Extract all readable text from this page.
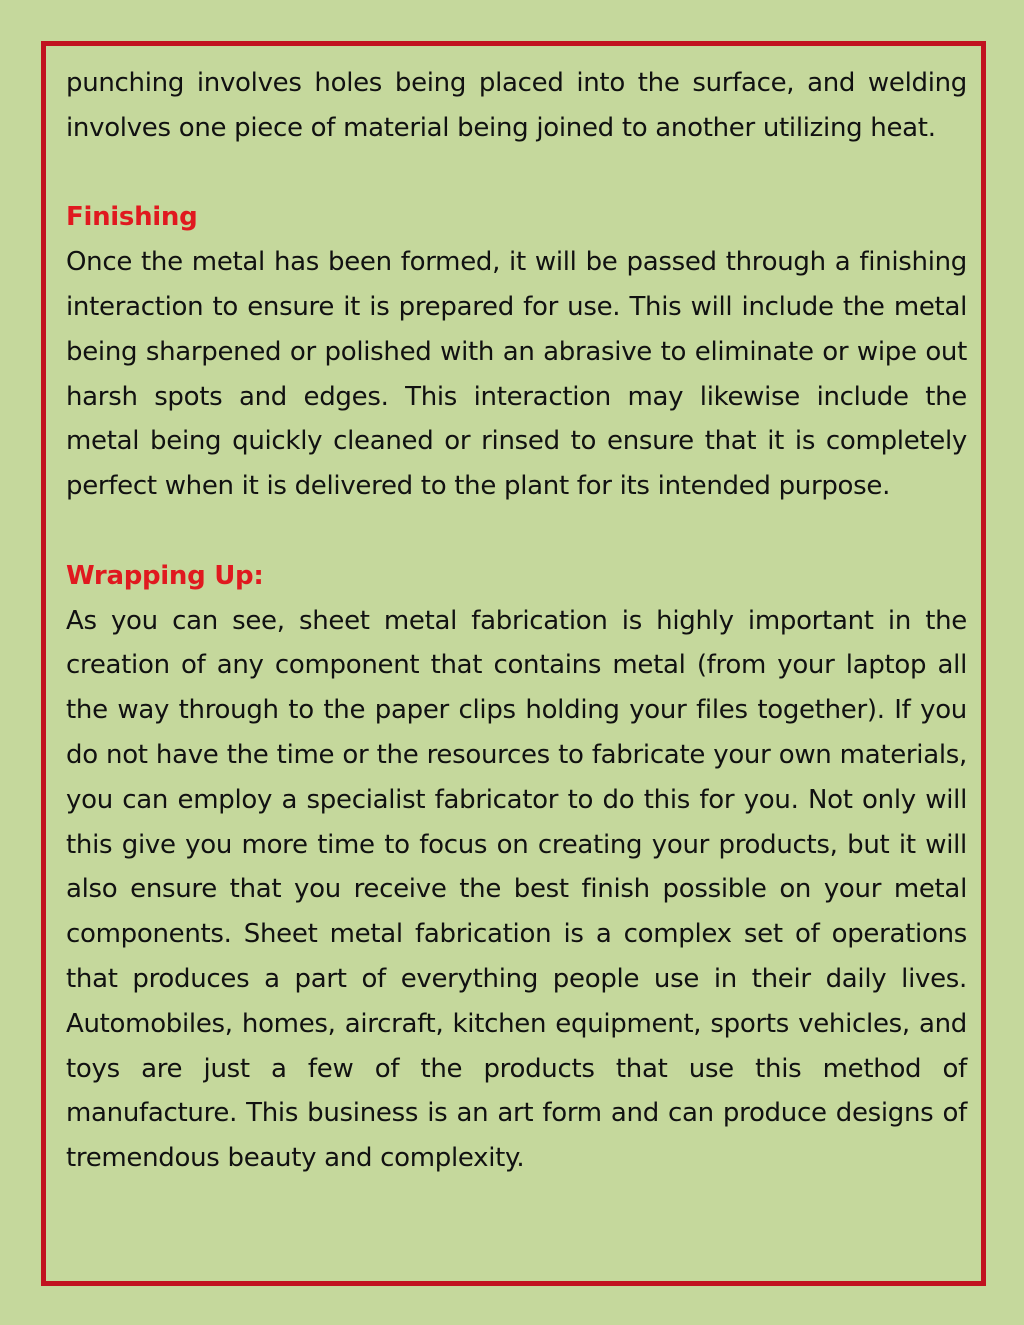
punching involves holes being placed into the surface, and welding involves one piece of material being joined to another utilizing heat.

Finishing

Once the metal has been formed, it will be passed through a finishing interaction to ensure it is prepared for use. This will include the metal being sharpened or polished with an abrasive to eliminate or wipe out harsh spots and edges. This interaction may likewise include the metal being quickly cleaned or rinsed to ensure that it is completely perfect when it is delivered to the plant for its intended purpose.

Wrapping Up:

As you can see, sheet metal fabrication is highly important in the creation of any component that contains metal (from your laptop all the way through to the paper clips holding your files together). If you do not have the time or the resources to fabricate your own materials, you can employ a specialist fabricator to do this for you. Not only will this give you more time to focus on creating your products, but it will also ensure that you receive the best finish possible on your metal components. Sheet metal fabrication is a complex set of operations that produces a part of everything people use in their daily lives. Automobiles, homes, aircraft, kitchen equipment, sports vehicles, and toys are just a few of the products that use this method of manufacture. This business is an art form and can produce designs of tremendous beauty and complexity.
